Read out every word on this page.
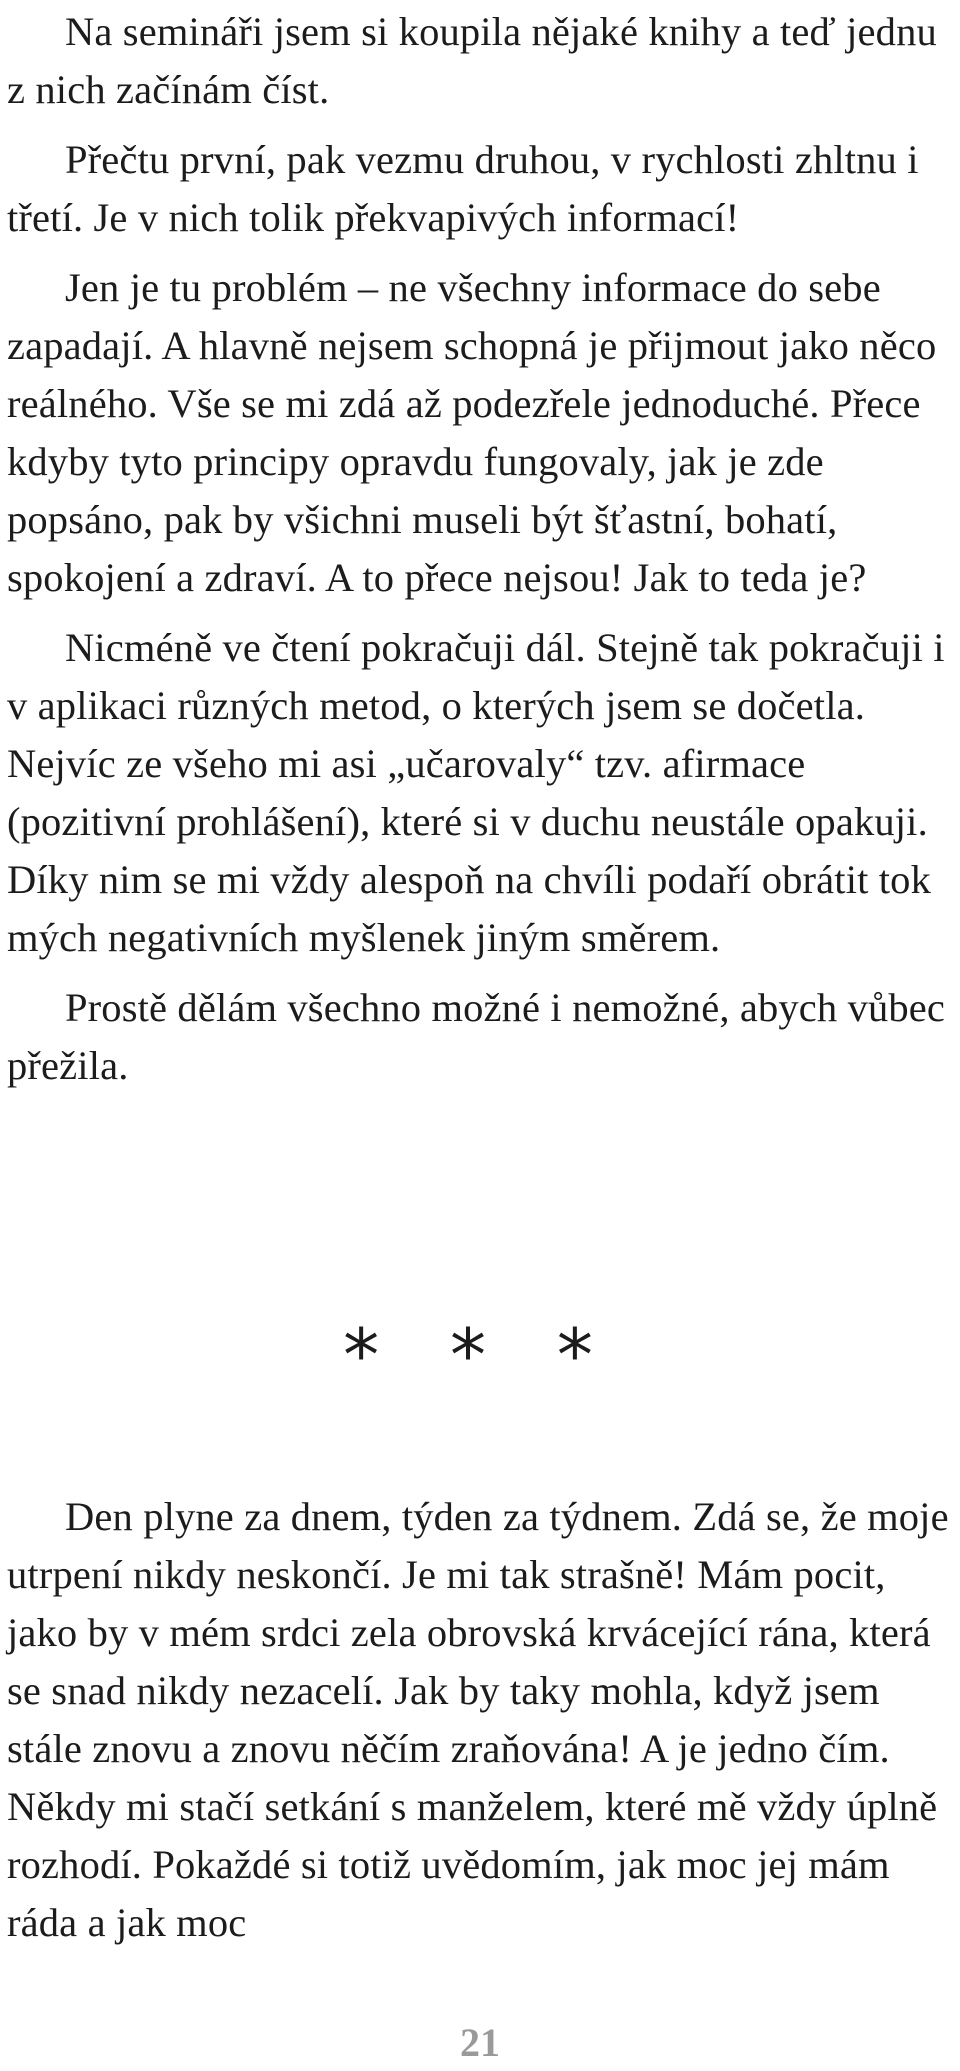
Na semináři jsem si koupila nějaké knihy a teď jednu z nich začínám číst.

Přečtu první, pak vezmu druhou, v rychlosti zhltnu i třetí. Je v nich tolik překvapivých informací!

Jen je tu problém – ne všechny informace do sebe zapadají. A hlavně nejsem schopná je přijmout jako něco reálného. Vše se mi zdá až podezřele jednoduché. Přece kdyby tyto principy opravdu fungovaly, jak je zde popsáno, pak by všichni museli být šťastní, bohatí, spokojení a zdraví. A to přece nejsou! Jak to teda je?

Nicméně ve čtení pokračuji dál. Stejně tak pokračuji i v aplikaci různých metod, o kterých jsem se dočetla. Nejvíc ze všeho mi asi „učarovaly“ tzv. afirmace (pozitivní prohlášení), které si v duchu neustále opakuji. Díky nim se mi vždy alespoň na chvíli podaří obrátit tok mých negativních myšlenek jiným směrem.

Prostě dělám všechno možné i nemožné, abych vůbec přežila.

* * *

Den plyne za dnem, týden za týdnem. Zdá se, že moje utrpení nikdy neskončí. Je mi tak strašně! Mám pocit, jako by v mém srdci zela obrovská krvácející rána, která se snad nikdy nezacelí. Jak by taky mohla, když jsem stále znovu a znovu něčím zraňována! A je jedno čím. Někdy mi stačí setkání s manželem, které mě vždy úplně rozhodí. Pokaždé si totiž uvědomím, jak moc jej mám ráda a jak moc

21
